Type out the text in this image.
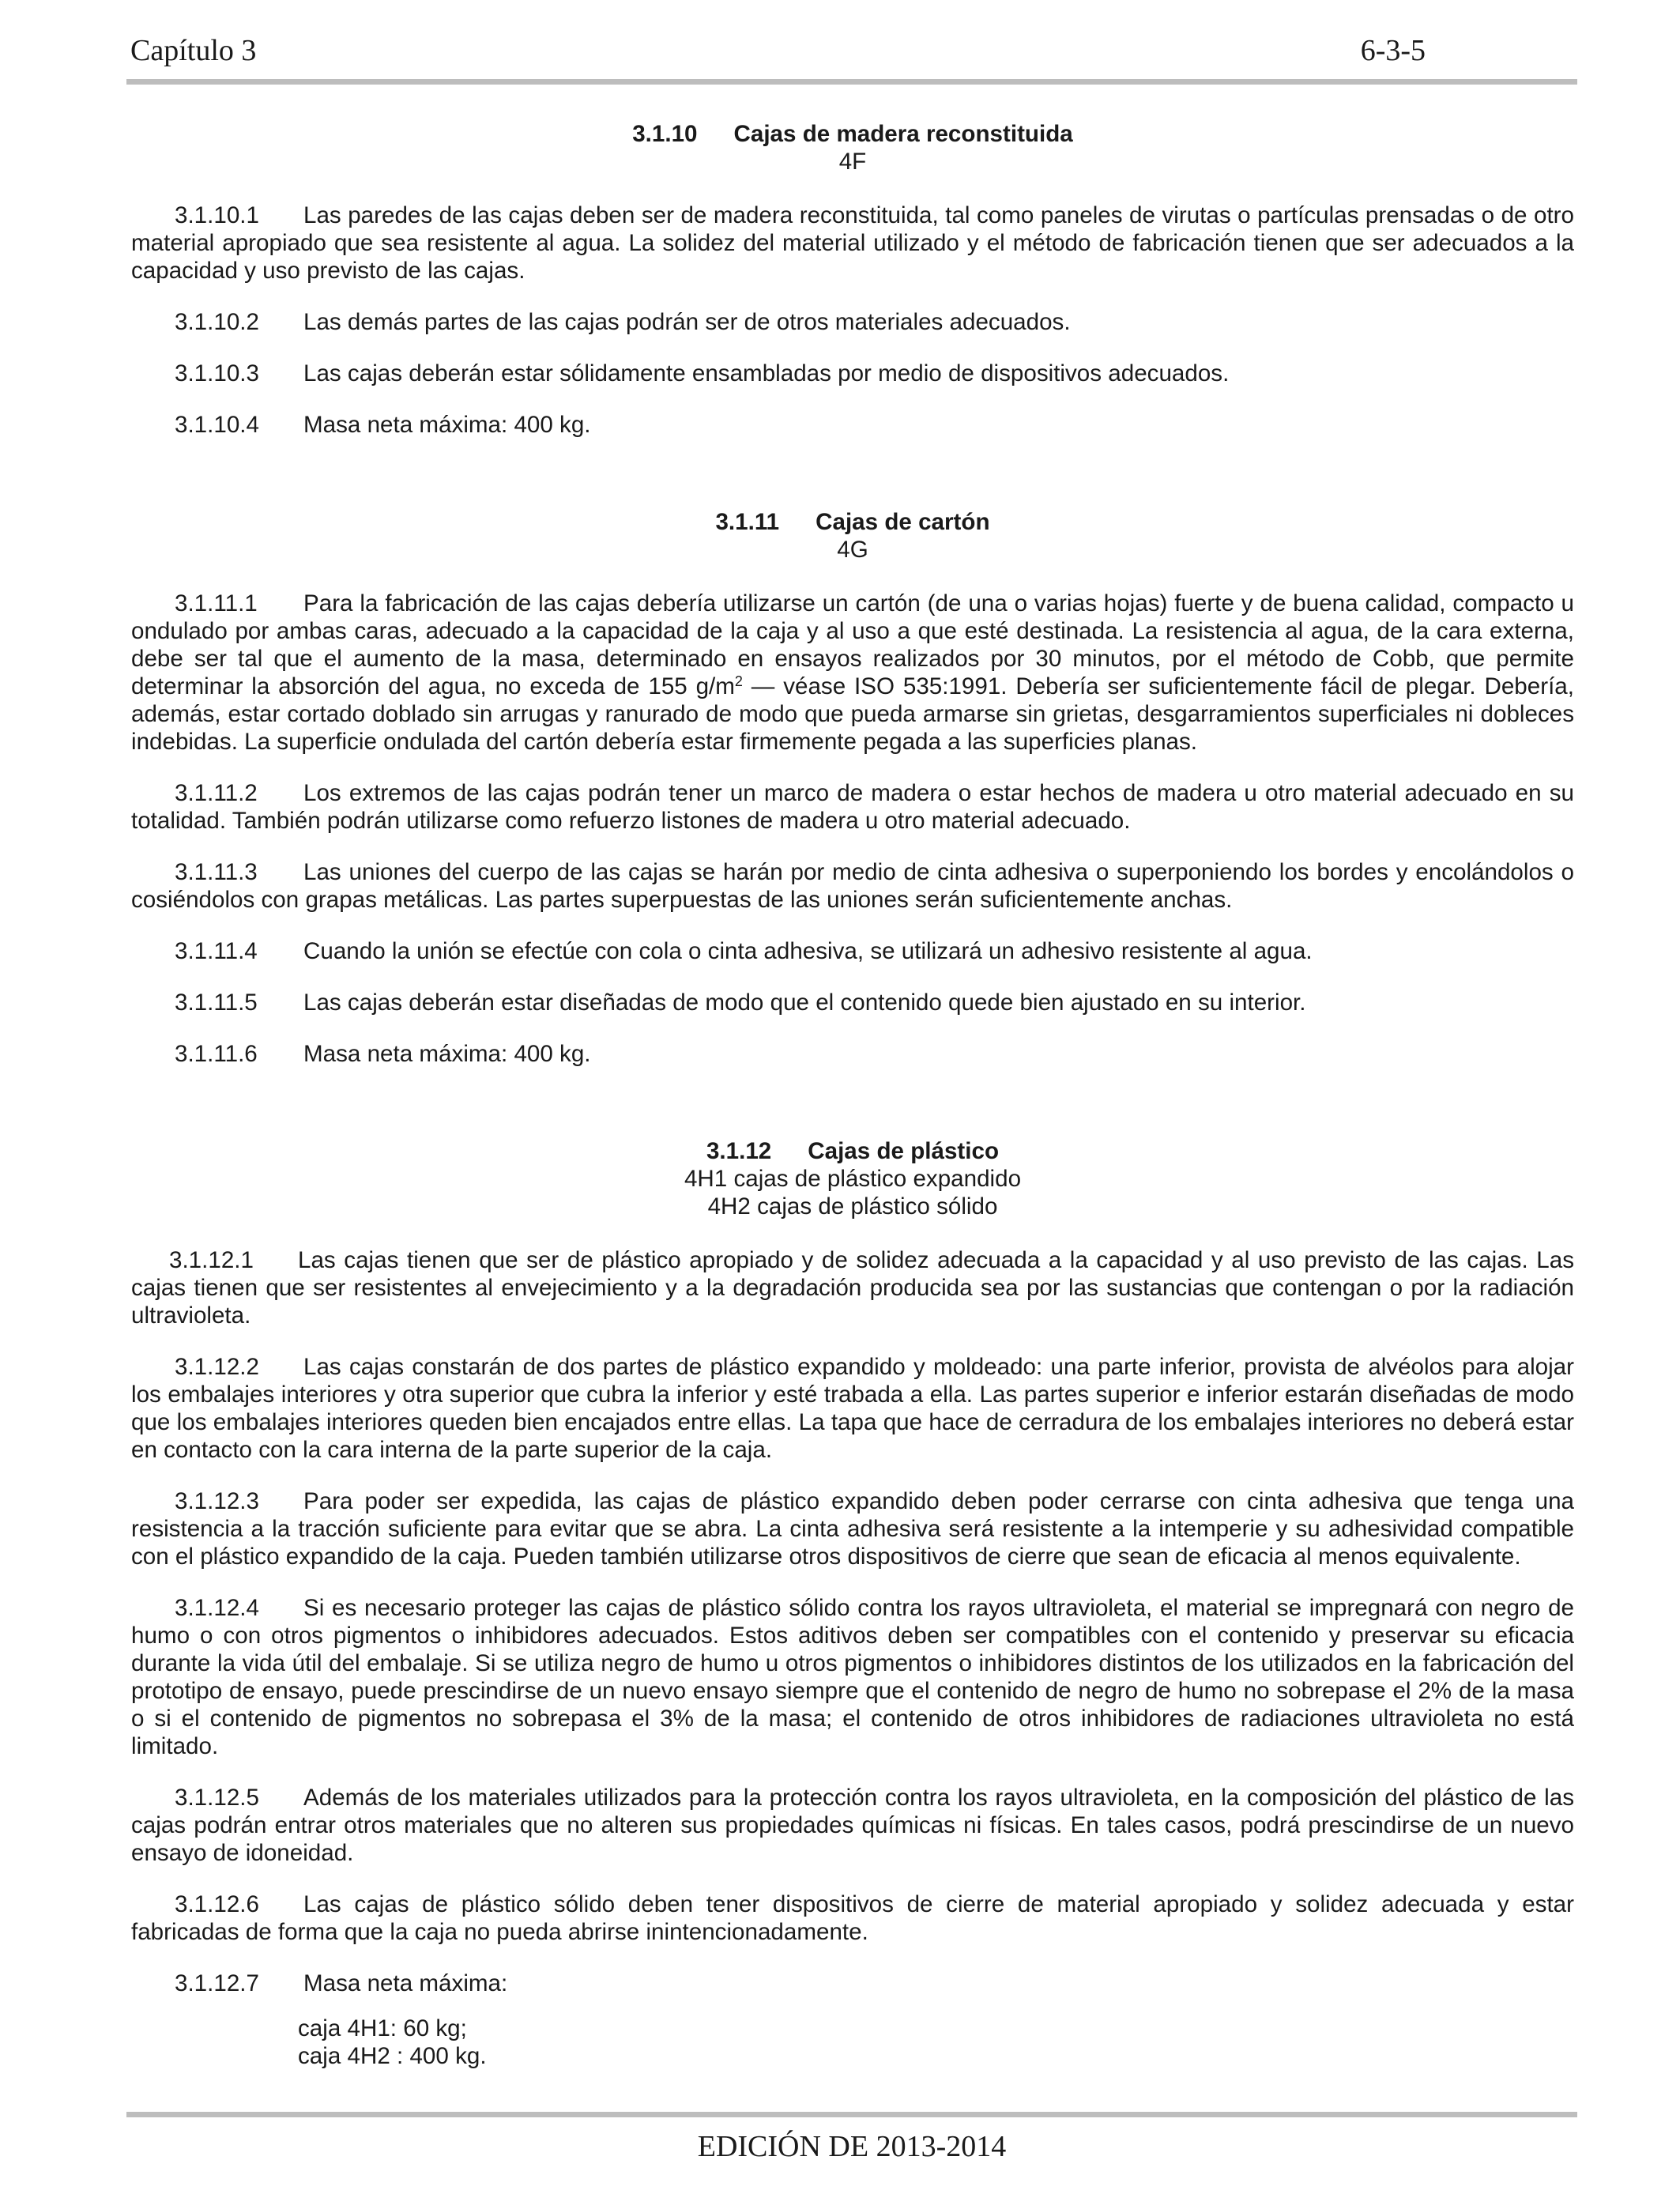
Capítulo 3	6-3-5
3.1.10 Cajas de madera reconstituida
4F

3.1.10.1 Las paredes de las cajas deben ser de madera reconstituida, tal como paneles de virutas o partículas prensadas o de otro material apropiado que sea resistente al agua. La solidez del material utilizado y el método de fabricación tienen que ser adecuados a la capacidad y uso previsto de las cajas.

3.1.10.2 Las demás partes de las cajas podrán ser de otros materiales adecuados.

3.1.10.3 Las cajas deberán estar sólidamente ensambladas por medio de dispositivos adecuados.

3.1.10.4 Masa neta máxima: 400 kg.

3.1.11 Cajas de cartón
4G

3.1.11.1 Para la fabricación de las cajas debería utilizarse un cartón (de una o varias hojas) fuerte y de buena calidad, compacto u ondulado por ambas caras, adecuado a la capacidad de la caja y al uso a que esté destinada. La resistencia al agua, de la cara externa, debe ser tal que el aumento de la masa, determinado en ensayos realizados por 30 minutos, por el método de Cobb, que permite determinar la absorción del agua, no exceda de 155 $g/m^2$ — véase ISO 535:1991. Debería ser suficientemente fácil de plegar. Debería, además, estar cortado doblado sin arrugas y ranurado de modo que pueda armarse sin grietas, desgarramientos superficiales ni dobleces indebidas. La superficie ondulada del cartón debería estar firmemente pegada a las superficies planas.

3.1.11.2 Los extremos de las cajas podrán tener un marco de madera o estar hechos de madera u otro material adecuado en su totalidad. También podrán utilizarse como refuerzo listones de madera u otro material adecuado.

3.1.11.3 Las uniones del cuerpo de las cajas se harán por medio de cinta adhesiva o superponiendo los bordes y encolándolos o cosiéndolos con grapas metálicas. Las partes superpuestas de las uniones serán suficientemente anchas.

3.1.11.4 Cuando la unión se efectúe con cola o cinta adhesiva, se utilizará un adhesivo resistente al agua.

3.1.11.5 Las cajas deberán estar diseñadas de modo que el contenido quede bien ajustado en su interior.

3.1.11.6 Masa neta máxima: 400 kg.

3.1.12 Cajas de plástico
4H1 cajas de plástico expandido
4H2 cajas de plástico sólido

3.1.12.1 Las cajas tienen que ser de plástico apropiado y de solidez adecuada a la capacidad y al uso previsto de las cajas. Las cajas tienen que ser resistentes al envejecimiento y a la degradación producida sea por las sustancias que contengan o por la radiación ultravioleta.

3.1.12.2 Las cajas constarán de dos partes de plástico expandido y moldeado: una parte inferior, provista de alvéolos para alojar los embalajes interiores y otra superior que cubra la inferior y esté trabada a ella. Las partes superior e inferior estarán diseñadas de modo que los embalajes interiores queden bien encajados entre ellas. La tapa que hace de cerradura de los embalajes interiores no deberá estar en contacto con la cara interna de la parte superior de la caja.

3.1.12.3 Para poder ser expedida, las cajas de plástico expandido deben poder cerrarse con cinta adhesiva que tenga una resistencia a la tracción suficiente para evitar que se abra. La cinta adhesiva será resistente a la intemperie y su adhesividad compatible con el plástico expandido de la caja. Pueden también utilizarse otros dispositivos de cierre que sean de eficacia al menos equivalente.

3.1.12.4 Si es necesario proteger las cajas de plástico sólido contra los rayos ultravioleta, el material se impregnará con negro de humo o con otros pigmentos o inhibidores adecuados. Estos aditivos deben ser compatibles con el contenido y preservar su eficacia durante la vida útil del embalaje. Si se utiliza negro de humo u otros pigmentos o inhibidores distintos de los utilizados en la fabricación del prototipo de ensayo, puede prescindirse de un nuevo ensayo siempre que el contenido de negro de humo no sobrepase el 2% de la masa o si el contenido de pigmentos no sobrepasa el 3% de la masa; el contenido de otros inhibidores de radiaciones ultravioleta no está limitado.

3.1.12.5 Además de los materiales utilizados para la protección contra los rayos ultravioleta, en la composición del plástico de las cajas podrán entrar otros materiales que no alteren sus propiedades químicas ni físicas. En tales casos, podrá prescindirse de un nuevo ensayo de idoneidad.

3.1.12.6 Las cajas de plástico sólido deben tener dispositivos de cierre de material apropiado y solidez adecuada y estar fabricadas de forma que la caja no pueda abrirse inintencionadamente.

3.1.12.7 Masa neta máxima:

caja 4H1: 60 kg;
caja 4H2 : 400 kg.
EDICIÓN DE 2013-2014
